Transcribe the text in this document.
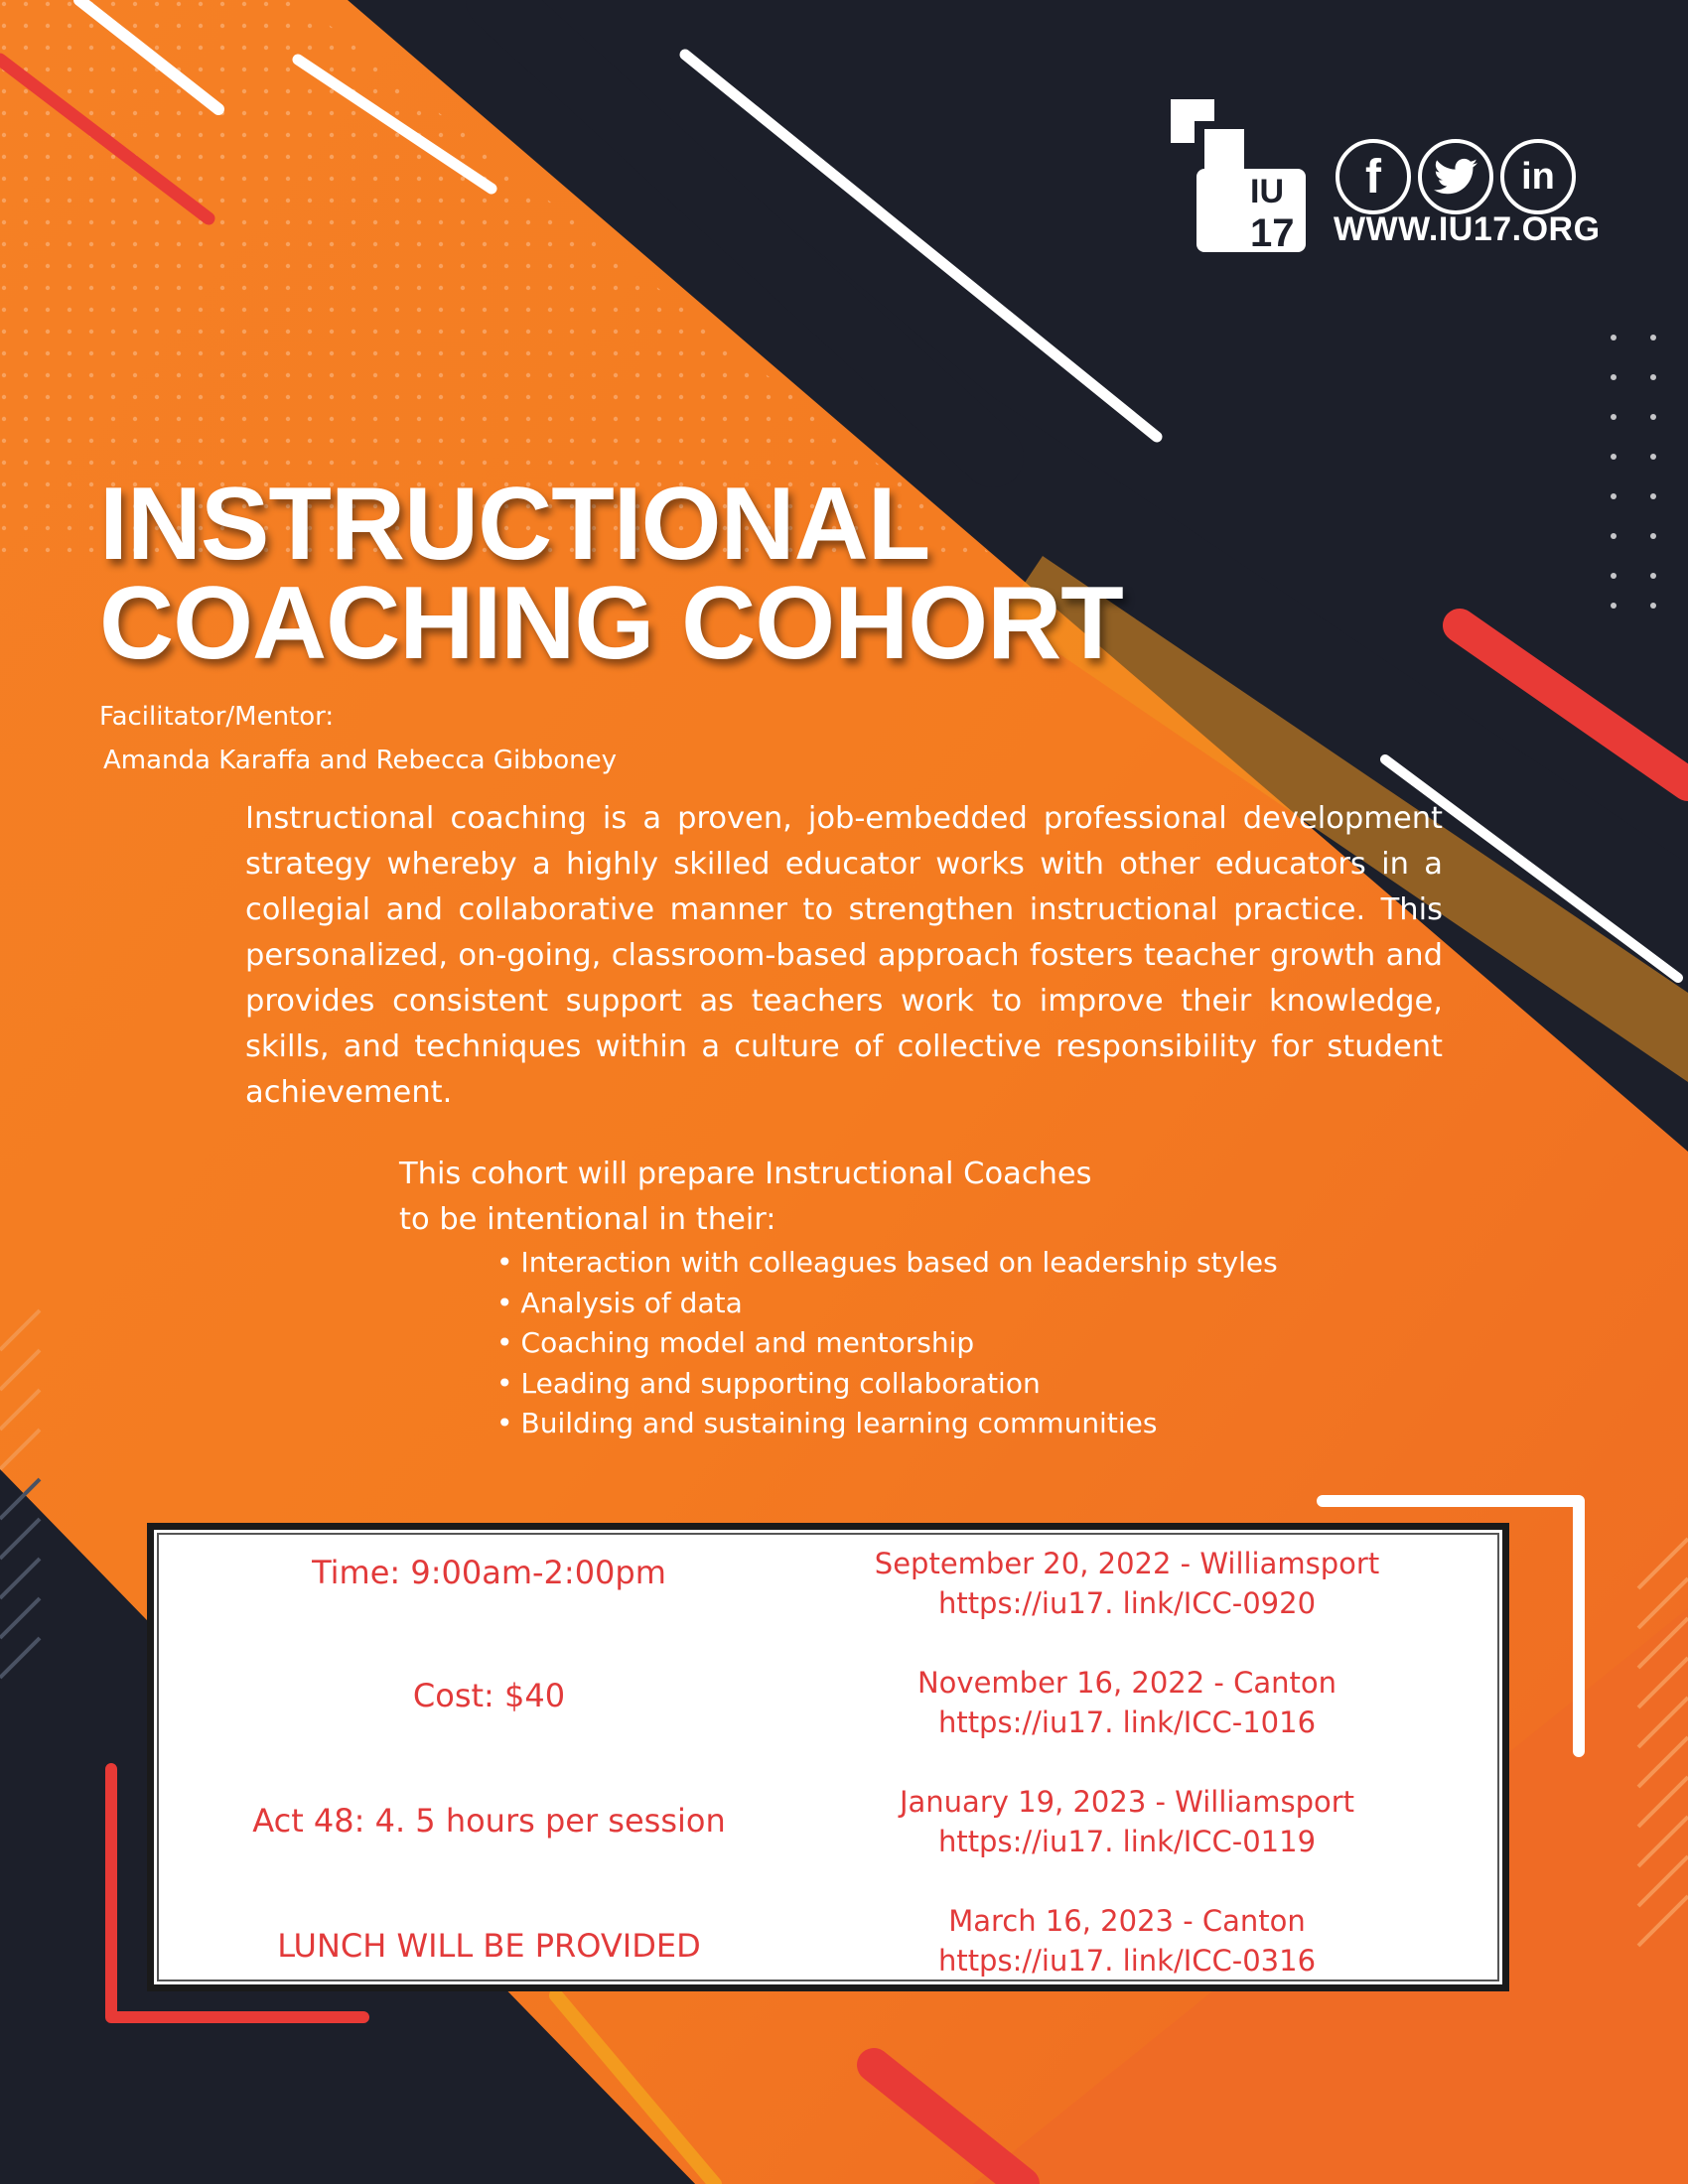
IU
17
f	in
WWW.IU17.ORG
INSTRUCTIONAL
COACHING COHORT
Facilitator/Mentor:
Amanda Karaffa and Rebecca Gibboney

Instructional coaching is a proven, job-embedded professional development strategy whereby a highly skilled educator works with other educators in a collegial and collaborative manner to strengthen instructional practice. This personalized, on-going, classroom-based approach fosters teacher growth and provides consistent support as teachers work to improve their knowledge, skills, and techniques within a culture of collective responsibility for student achievement.

This cohort will prepare Instructional Coaches
to be intentional in their:
• Interaction with colleagues based on leadership styles
• Analysis of data
• Coaching model and mentorship
• Leading and supporting collaboration
• Building and sustaining learning communities
Time: 9:00am-2:00pm
Cost: $40
Act 48: 4. 5 hours per session
LUNCH WILL BE PROVIDED
September 20, 2022 - Williamsport
https://iu17. link/ICC-0920
November 16, 2022 - Canton
https://iu17. link/ICC-1016
January 19, 2023 - Williamsport
https://iu17. link/ICC-0119
March 16, 2023 - Canton
https://iu17. link/ICC-0316
